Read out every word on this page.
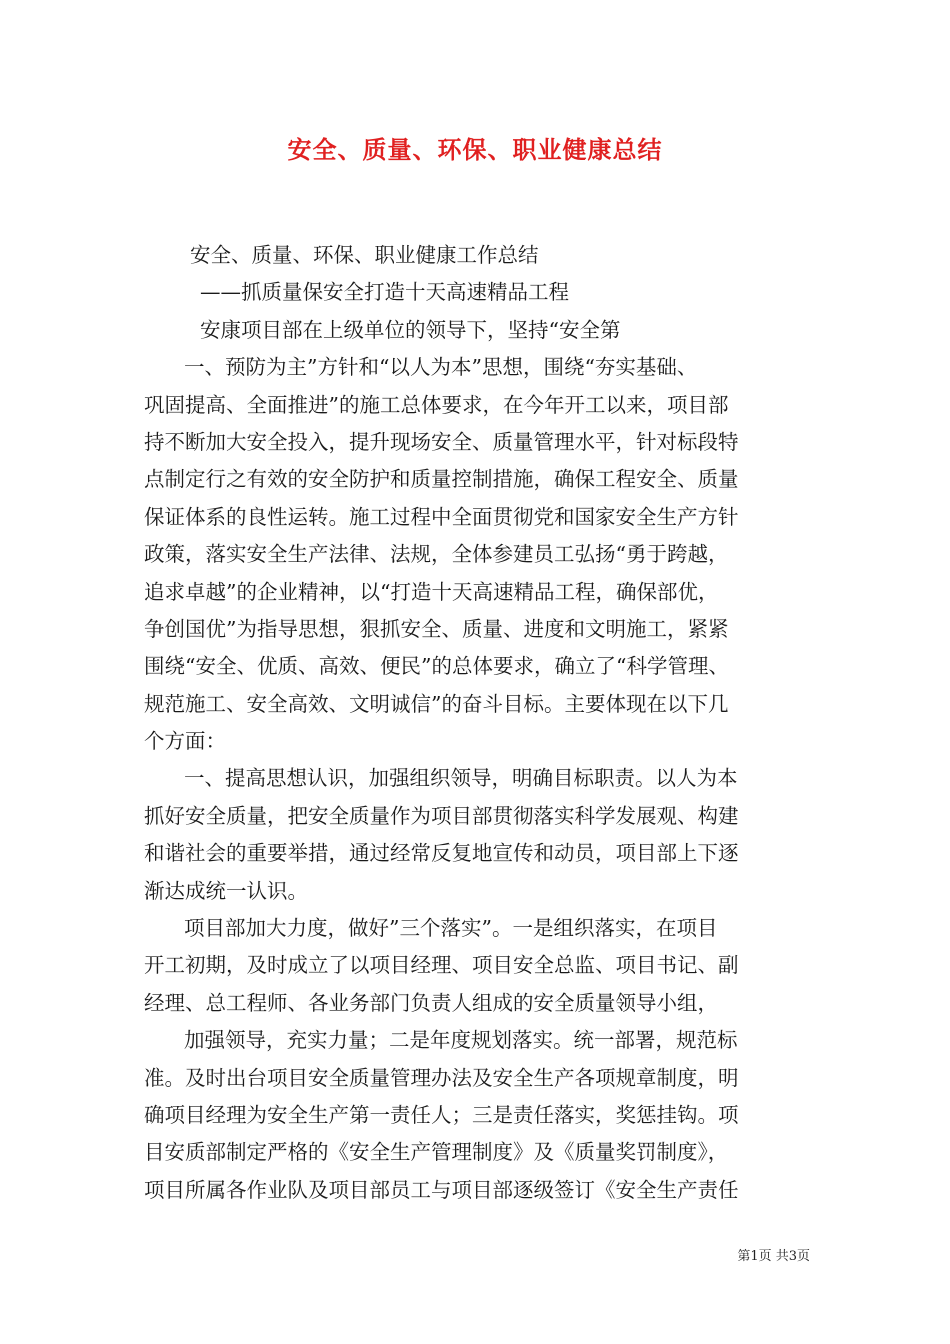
安全、质量、环保、职业健康总结
安全、质量、环保、职业健康工作总结
——抓质量保安全打造十天高速精品工程
安康项目部在上级单位的领导下，坚持“安全第
一、预防为主”方针和“以人为本”思想，围绕“夯实基础、
巩固提高、全面推进”的施工总体要求，在今年开工以来，项目部
持不断加大安全投入，提升现场安全、质量管理水平，针对标段特
点制定行之有效的安全防护和质量控制措施，确保工程安全、质量
保证体系的良性运转。施工过程中全面贯彻党和国家安全生产方针
政策，落实安全生产法律、法规，全体参建员工弘扬“勇于跨越，
追求卓越”的企业精神，以“打造十天高速精品工程，确保部优，
争创国优”为指导思想，狠抓安全、质量、进度和文明施工，紧紧
围绕“安全、优质、高效、便民”的总体要求，确立了“科学管理、
规范施工、安全高效、文明诚信”的奋斗目标。主要体现在以下几
个方面：
一、提高思想认识，加强组织领导，明确目标职责。以人为本
抓好安全质量，把安全质量作为项目部贯彻落实科学发展观、构建
和谐社会的重要举措，通过经常反复地宣传和动员，项目部上下逐
渐达成统一认识。
项目部加大力度，做好”三个落实”。一是组织落实，在项目
开工初期，及时成立了以项目经理、项目安全总监、项目书记、副
经理、总工程师、各业务部门负责人组成的安全质量领导小组，
加强领导，充实力量；二是年度规划落实。统一部署，规范标
准。及时出台项目安全质量管理办法及安全生产各项规章制度，明
确项目经理为安全生产第一责任人；三是责任落实，奖惩挂钩。项
目安质部制定严格的《安全生产管理制度》及《质量奖罚制度》，
项目所属各作业队及项目部员工与项目部逐级签订《安全生产责任
第1页 共3页
